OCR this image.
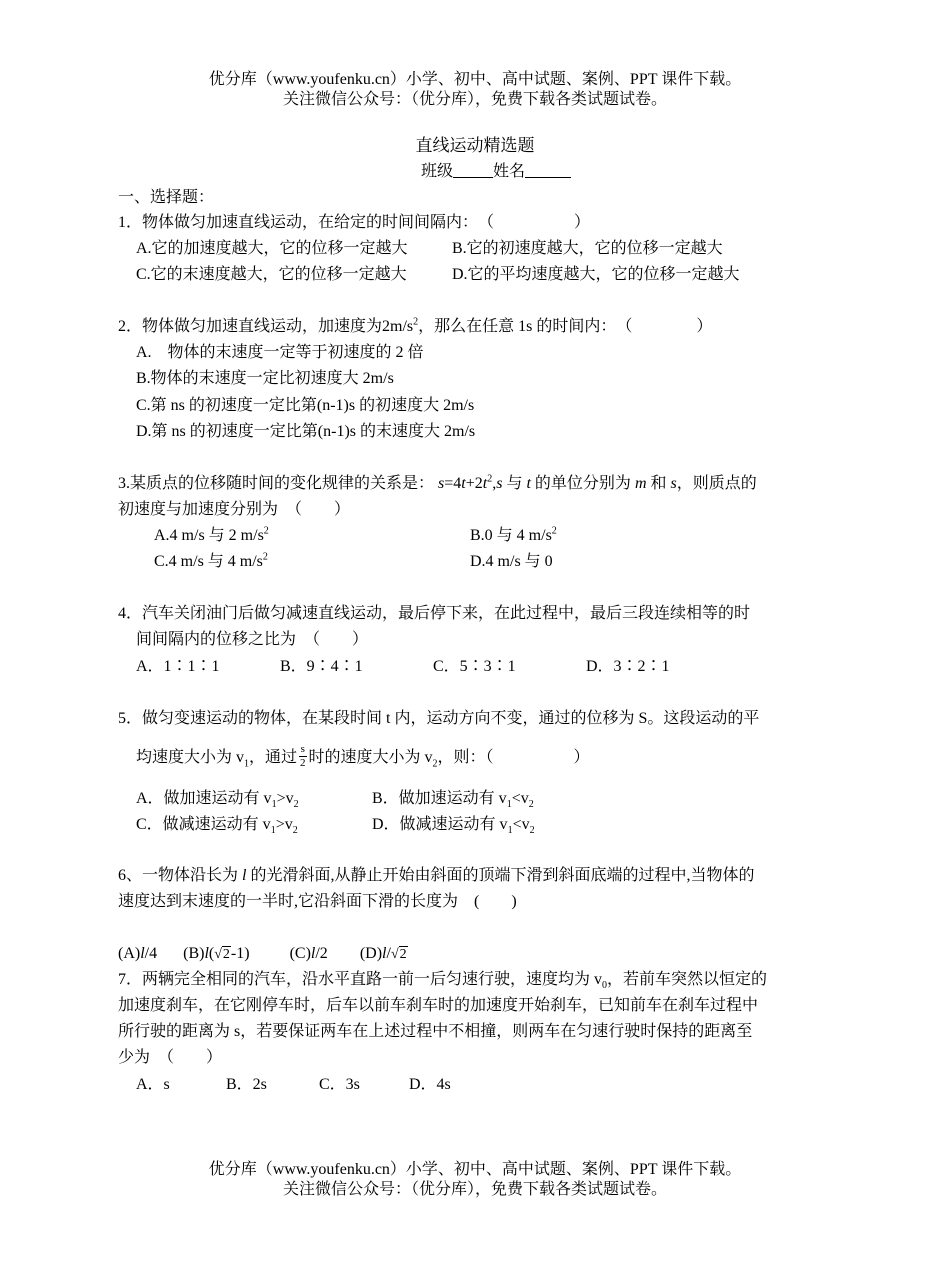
优分库（www.youfenku.cn）小学、初中、高中试题、案例、PPT 课件下载。
关注微信公众号：（优分库），免费下载各类试题试卷。
直线运动精选题
班级	姓名
一、选择题：
1．物体做匀加速直线运动，在给定的时间间隔内：　（　　　　　）
A.它的加速度越大，它的位移一定越大	B.它的初速度越大，它的位移一定越大
C.它的末速度越大，它的位移一定越大	D.它的平均速度越大，它的位移一定越大
2．物体做匀加速直线运动，加速度为$2m/s^2$，那么在任意 1s 的时间内：　（　　　　）
A.　物体的末速度一定等于初速度的 2 倍
B.物体的末速度一定比初速度大 2m/s
C.第 ns 的初速度一定比第(n-1)s 的初速度大 2m/s
D.第 ns 的初速度一定比第(n-1)s 的末速度大 2m/s
3.某质点的位移随时间的变化规律的关系是： $s=4t+2t^2,s$ 与 t 的单位分别为 m 和 s，则质点的
初速度与加速度分别为　（　　）
A.4 m/s 与 2 $m/s^2$	B.0 与 4 $m/s^2$
C.4 m/s 与 4 $m/s^2$	D.4 m/s 与 0
4．汽车关闭油门后做匀减速直线运动，最后停下来，在此过程中，最后三段连续相等的时
间间隔内的位移之比为　（　　）
A．1∶1∶1	B．9∶4∶1	C．5∶3∶1	D．3∶2∶1
5．做匀变速运动的物体，在某段时间 t 内，运动方向不变，通过的位移为 S。这段运动的平
均速度大小为 $v_1$，通过 $\frac{s}{2}$ 时的速度大小为 $v_2$，则：（　　　　　）
A．做加速运动有 $v_1>v_2$	B．做加速运动有 $v_1<v_2$
C．做减速运动有 $v_1>v_2$	D．做减速运动有 $v_1<v_2$
6、一物体沿长为 l 的光滑斜面,从静止开始由斜面的顶端下滑到斜面底端的过程中,当物体的
速度达到末速度的一半时,它沿斜面下滑的长度为　(　　)
(A)l/4 (B)l(√2-1)	(C)l/2 (D)l/√2
7．两辆完全相同的汽车，沿水平直路一前一后匀速行驶，速度均为 $v_0$，若前车突然以恒定的
加速度刹车，在它刚停车时，后车以前车刹车时的加速度开始刹车，已知前车在刹车过程中
所行驶的距离为 s，若要保证两车在上述过程中不相撞，则两车在匀速行驶时保持的距离至
少为　（　　）
A．s	B．2s	C．3s	D．4s
优分库（www.youfenku.cn）小学、初中、高中试题、案例、PPT 课件下载。
关注微信公众号：（优分库），免费下载各类试题试卷。
